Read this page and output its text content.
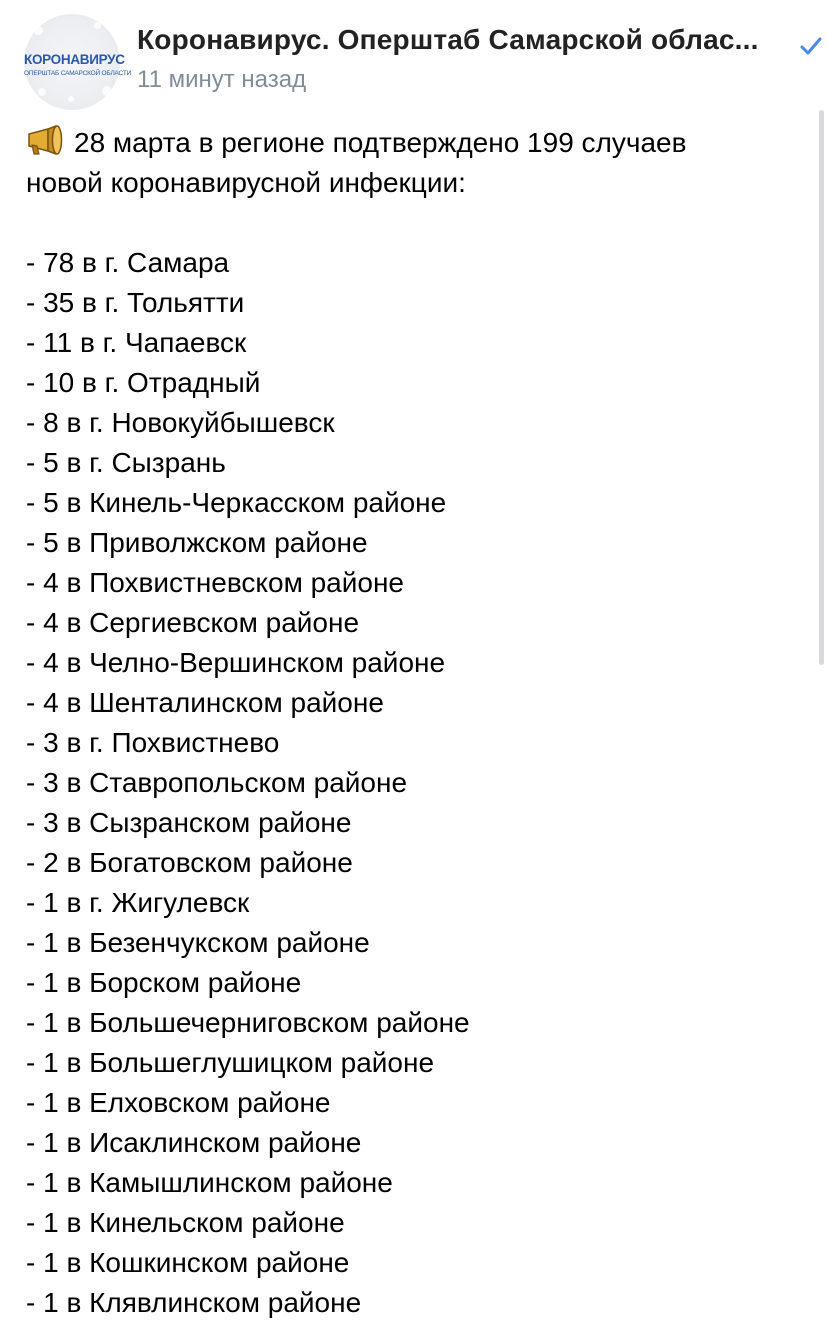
КОРОНАВИРУС
ОПЕРШТАБ САМАРСКОЙ ОБЛАСТИ
Коронавирус. Оперштаб Самарской облас...
11 минут назад
28 марта в регионе подтверждено 199 случаев
новой коронавирусной инфекции:
- 78 в г. Самара
- 35 в г. Тольятти
- 11 в г. Чапаевск
- 10 в г. Отрадный
- 8 в г. Новокуйбышевск
- 5 в г. Сызрань
- 5 в Кинель-Черкасском районе
- 5 в Приволжском районе
- 4 в Похвистневском районе
- 4 в Сергиевском районе
- 4 в Челно-Вершинском районе
- 4 в Шенталинском районе
- 3 в г. Похвистнево
- 3 в Ставропольском районе
- 3 в Сызранском районе
- 2 в Богатовском районе
- 1 в г. Жигулевск
- 1 в Безенчукском районе
- 1 в Борском районе
- 1 в Большечерниговском районе
- 1 в Большеглушицком районе
- 1 в Елховском районе
- 1 в Исаклинском районе
- 1 в Камышлинском районе
- 1 в Кинельском районе
- 1 в Кошкинском районе
- 1 в Клявлинском районе
